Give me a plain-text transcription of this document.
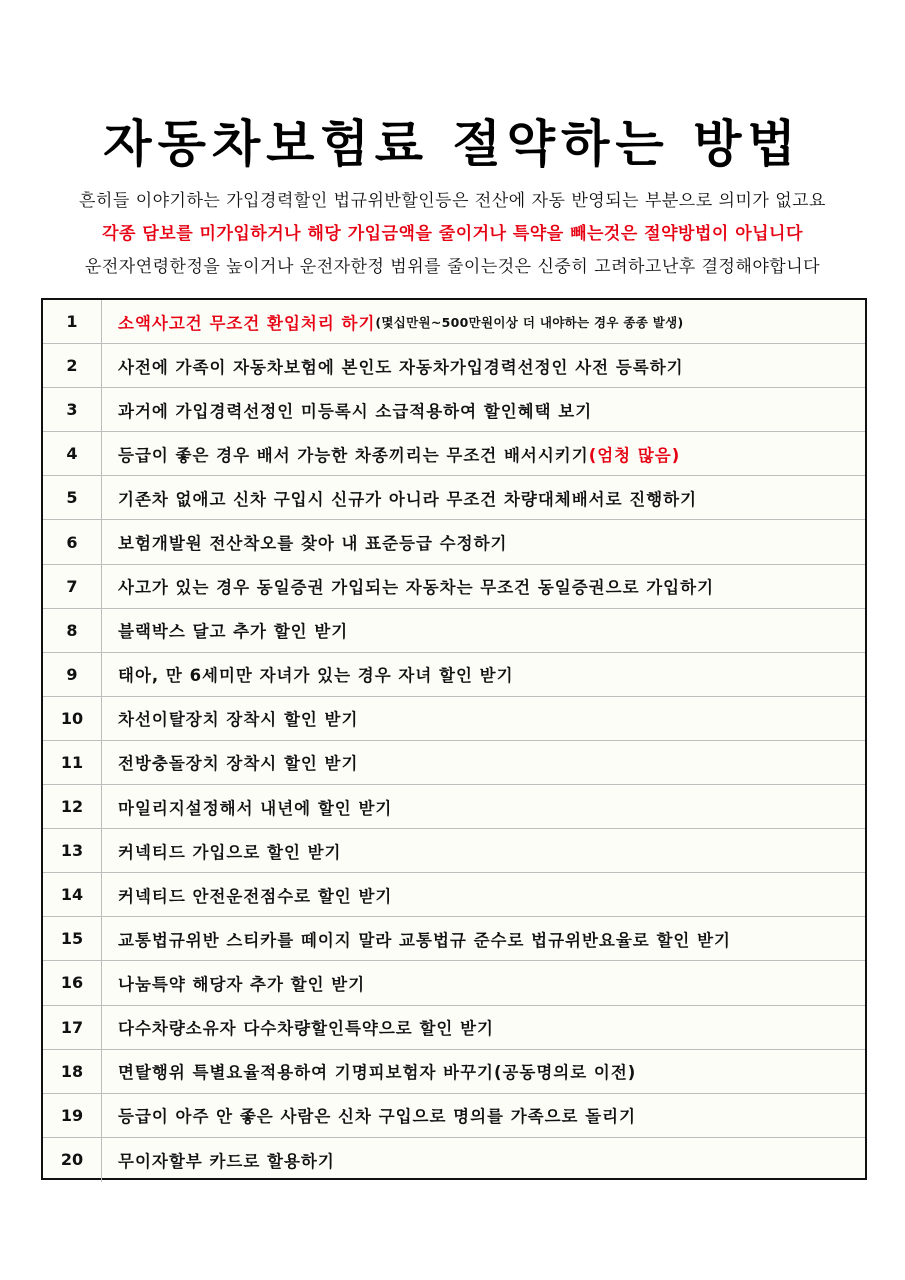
자동차보험료 절약하는 방법
흔히들 이야기하는 가입경력할인 법규위반할인등은 전산에 자동 반영되는 부분으로 의미가 없고요
각종 담보를 미가입하거나 해당 가입금액을 줄이거나 특약을 빼는것은 절약방법이 아닙니다
운전자연령한정을 높이거나 운전자한정 범위를 줄이는것은 신중히 고려하고난후 결정해야합니다
1	소액사고건 무조건 환입처리 하기 (몇십만원~500만원이상 더 내야하는 경우 종종 발생)
2	사전에 가족이 자동차보험에 본인도 자동차가입경력선정인 사전 등록하기
3	과거에 가입경력선정인 미등록시 소급적용하여 할인혜택 보기
4	등급이 좋은 경우 배서 가능한 차종끼리는 무조건 배서시키기 (엄청 많음)
5	기존차 없애고 신차 구입시 신규가 아니라 무조건 차량대체배서로 진행하기
6	보험개발원 전산착오를 찾아 내 표준등급 수정하기
7	사고가 있는 경우 동일증권 가입되는 자동차는 무조건 동일증권으로 가입하기
8	블랙박스 달고 추가 할인 받기
9	태아, 만 6세미만 자녀가 있는 경우 자녀 할인 받기
10	차선이탈장치 장착시 할인 받기
11	전방충돌장치 장착시 할인 받기
12	마일리지설정해서 내년에 할인 받기
13	커넥티드 가입으로 할인 받기
14	커넥티드 안전운전점수로 할인 받기
15	교통법규위반 스티카를 떼이지 말라 교통법규 준수로 법규위반요율로 할인 받기
16	나눔특약 해당자 추가 할인 받기
17	다수차량소유자 다수차량할인특약으로 할인 받기
18	면탈행위 특별요율적용하여 기명피보험자 바꾸기(공동명의로 이전)
19	등급이 아주 안 좋은 사람은 신차 구입으로 명의를 가족으로 돌리기
20	무이자할부 카드로 할용하기
